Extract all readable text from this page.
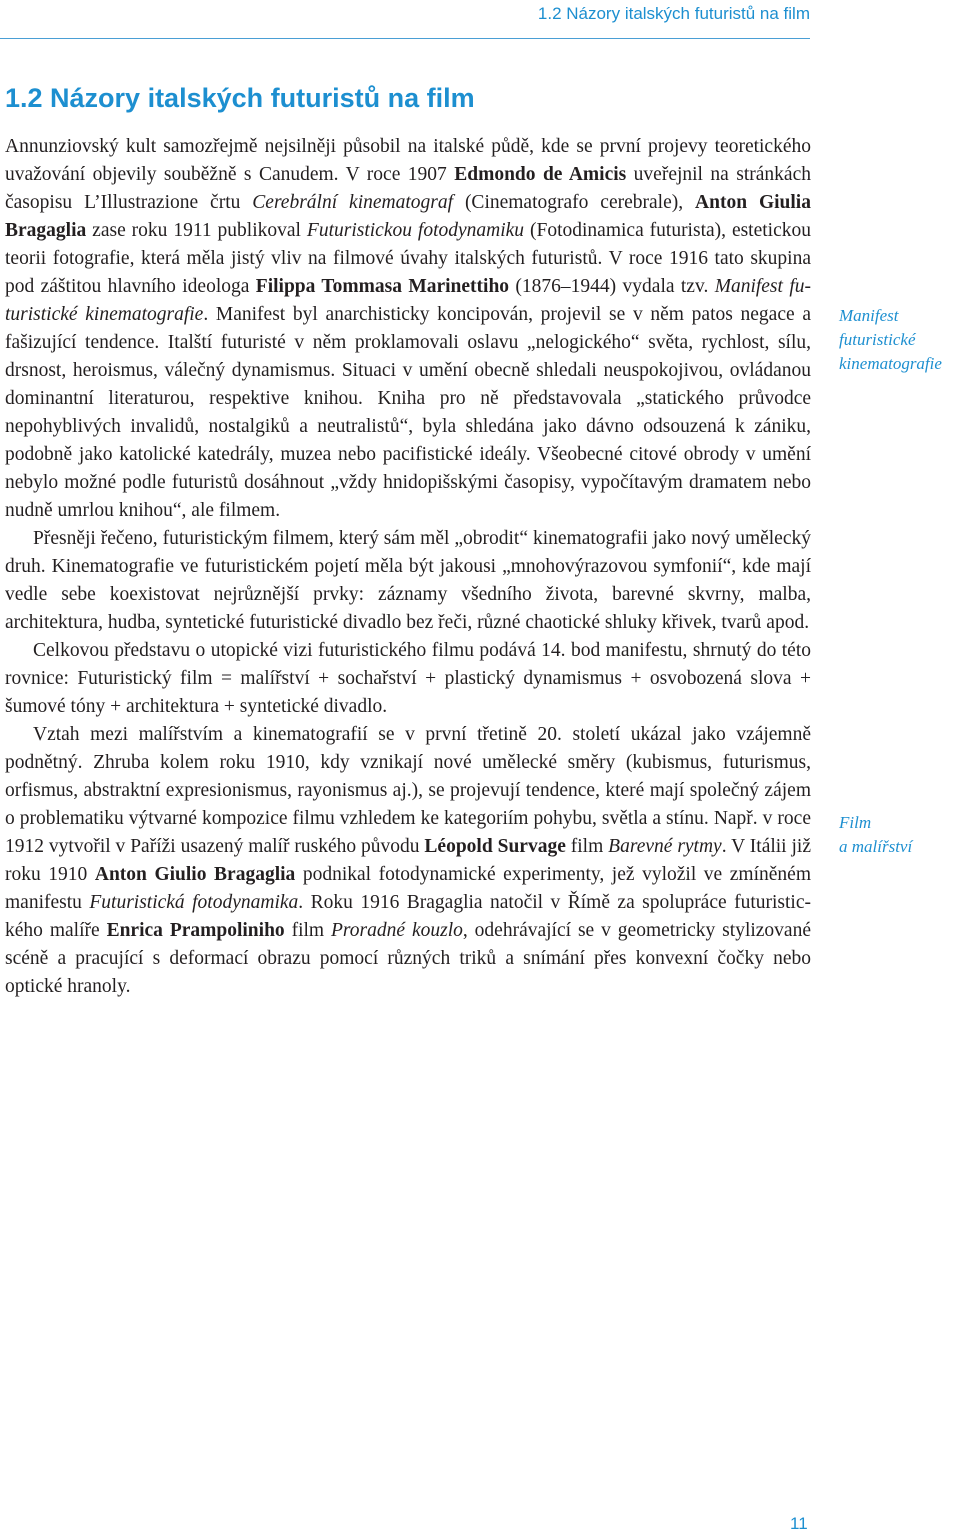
1.2 Názory italských futuristů na film
1.2 Názory italských futuristů na film

Annunziovský kult samozřejmě nejsilněji působil na italské půdě, kde se první projevy teoretického uvažování objevily souběžně s Canudem. V roce 1907 Edmondo de Amicis uveřejnil na stránkách časopisu L’Illustrazione črtu Cerebrální kinematograf (Cinematografo cerebrale), Anton Giulia Bragaglia zase roku 1911 publikoval Futuristickou fotodynamiku (Fotodinamica futurista), estetickou teorii fotografie, která měla jistý vliv na filmové úvahy italských futuristů. V roce 1916 tato skupina pod záštitou hlavního ideologa Filippa Tommasa Marinettiho (1876–1944) vydala tzv. Manifest futuristické kinematografie. Manifest byl anarchisticky koncipován, projevil se v něm patos negace a fašizující tendence. Italští futuristé v něm proklamovali oslavu „nelogického“ světa, rychlost, sílu, drsnost, heroismus, válečný dynamismus. Situaci v umění obecně shledali neuspokojivou, ovládanou dominantní literaturou, respektive knihou. Kniha pro ně představovala „statického průvodce nepohyblivých invalidů, nostalgiků a neutralistů“, byla shledána jako dávno odsouzená k zániku, podobně jako katolické katedrály, muzea nebo pacifistické ideály. Všeobecné citové obrody v umění nebylo možné podle futuristů dosáhnout „vždy hnidopišskými časopisy, vypočítavým dramatem nebo nudně umrlou knihou“, ale filmem.

Přesněji řečeno, futuristickým filmem, který sám měl „obrodit“ kinematografii jako nový umělecký druh. Kinematografie ve futuristickém pojetí měla být jakousi „mnohovýrazovou symfonií“, kde mají vedle sebe koexistovat nejrůznější prvky: záznamy všedního života, barevné skvrny, malba, architektura, hudba, syntetické futuristické divadlo bez řeči, různé chaotické shluky křivek, tvarů apod.

Celkovou představu o utopické vizi futuristického filmu podává 14. bod manifestu, shrnutý do této rovnice: Futuristický film = malířství + sochařství + plastický dynamismus + osvobozená slova + šumové tóny + architektura + syntetické divadlo.

Vztah mezi malířstvím a kinematografií se v první třetině 20. století ukázal jako vzájemně podnětný. Zhruba kolem roku 1910, kdy vznikají nové umělecké směry (kubismus, futurismus, orfismus, abstraktní expresionismus, rayonismus aj.), se projevují tendence, které mají společný zájem o problematiku výtvarné kompozice filmu vzhledem ke kategoriím pohybu, světla a stínu. Např. v roce 1912 vytvořil v Paříži usazený malíř ruského původu Léopold Survage film Barevné rytmy. V Itálii již roku 1910 Anton Giulio Bragaglia podnikal fotodynamické experimenty, jež vyložil ve zmíněném manifestu Futuristická fotodynamika. Roku 1916 Bragaglia natočil v Římě za spolupráce futuristického malíře Enrica Prampoliniho film Proradné kouzlo, odehrávající se v geometricky stylizované scéně a pracující s deformací obrazu pomocí různých triků a snímání přes konvexní čočky nebo optické hranoly.

Manifest
futuristické
kinematografie
Film
a malířství
11
